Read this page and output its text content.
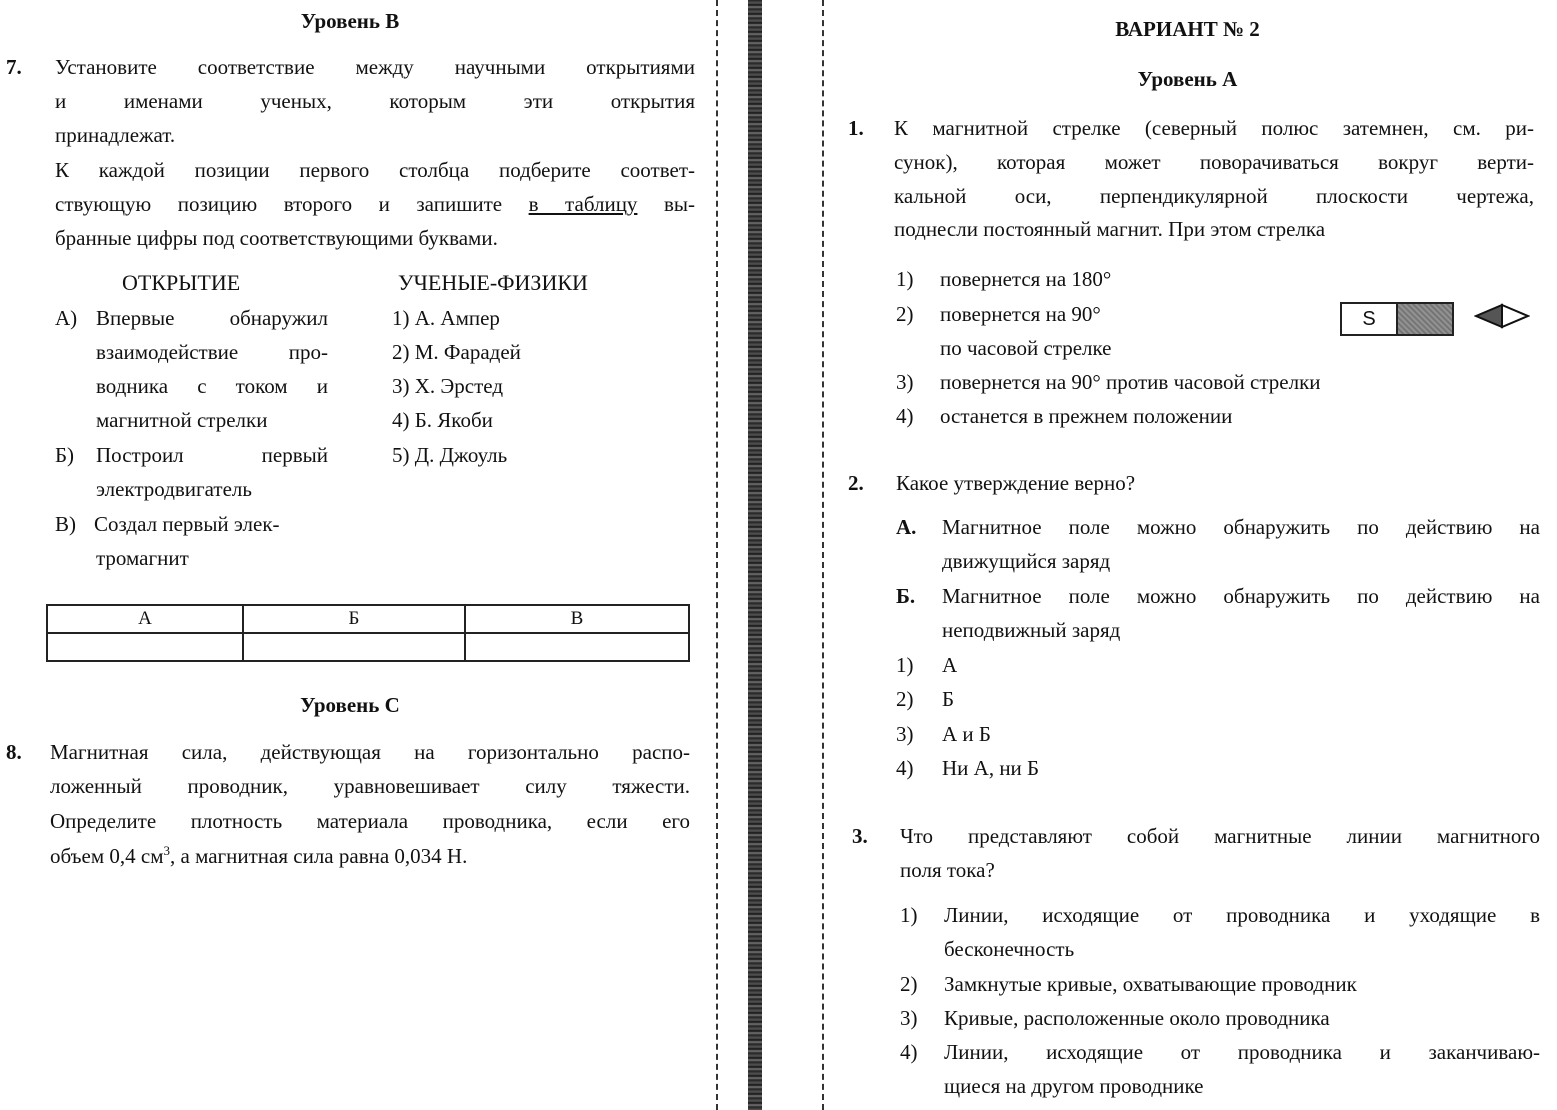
Уровень В
7. Установите соответствие между научными открытиями
и именами ученых, которым эти открытия
принадлежат.
К каждой позиции первого столбца подберите соответ-
ствующую позицию второго и запишите в таблицу вы-
бранные цифры под соответствующими буквами.
ОТКРЫТИЕ	УЧЕНЫЕ-ФИЗИКИ
А) Впервые обнаружил
взаимодействие про-
водника с током и
магнитной стрелки
Б) Построил первый
электродвигатель
В) Создал первый элек-
тромагнит
1) А. Ампер
2) М. Фарадей
3) Х. Эрстед
4) Б. Якоби
5) Д. Джоуль
А	Б	В

Уровень С
8. Магнитная сила, действующая на горизонтально распо-
ложенный проводник, уравновешивает силу тяжести.
Определите плотность материала проводника, если его
объем 0,4 $см^3$, а магнитная сила равна 0,034 Н.
ВАРИАНТ № 2
Уровень А
1. К магнитной стрелке (северный полюс затемнен, см. ри-
сунок), которая может поворачиваться вокруг верти-
кальной оси, перпендикулярной плоскости чертежа,
поднесли постоянный магнит. При этом стрелка
1) повернется на 180°
2) повернется на 90°
по часовой стрелке
3) повернется на 90° против часовой стрелки
4) останется в прежнем положении
S
2. Какое утверждение верно?
А. Магнитное поле можно обнаружить по действию на
движущийся заряд
Б. Магнитное поле можно обнаружить по действию на
неподвижный заряд
1) А
2) Б
3) А и Б
4) Ни А, ни Б
3. Что представляют собой магнитные линии магнитного
поля тока?
1) Линии, исходящие от проводника и уходящие в
бесконечность
2) Замкнутые кривые, охватывающие проводник
3) Кривые, расположенные около проводника
4) Линии, исходящие от проводника и заканчиваю-
щиеся на другом проводнике
